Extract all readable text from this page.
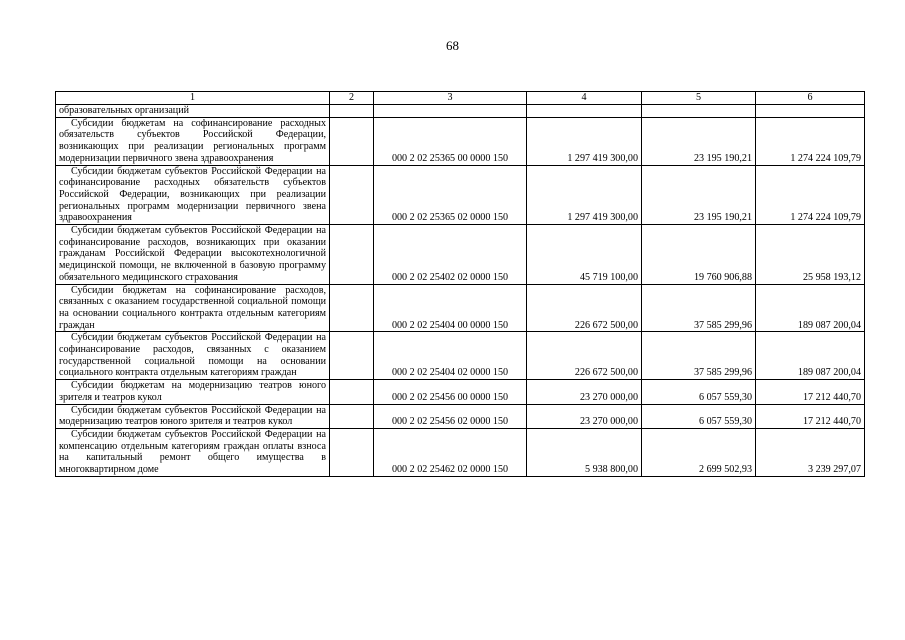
68
1	2	3	4	5	6
образовательных организаций					
Субсидии бюджетам на софинансирование расходных обязательств субъектов Российской Федерации, возникающих при реализации региональных программ модернизации первичного звена здравоохранения		000 2 02 25365 00 0000 150	1 297 419 300,00	23 195 190,21	1 274 224 109,79
Субсидии бюджетам субъектов Российской Федерации на софинансирование расходных обязательств субъектов Российской Федерации, возникающих при реализации региональных программ модернизации первичного звена здравоохранения		000 2 02 25365 02 0000 150	1 297 419 300,00	23 195 190,21	1 274 224 109,79
Субсидии бюджетам субъектов Российской Федерации на софинансирование расходов, возникающих при оказании гражданам Российской Федерации высокотехнологичной медицинской помощи, не включенной в базовую программу обязательного медицинского страхования		000 2 02 25402 02 0000 150	45 719 100,00	19 760 906,88	25 958 193,12
Субсидии бюджетам на софинансирование расходов, связанных с оказанием государственной социальной помощи на основании социального контракта отдельным категориям граждан		000 2 02 25404 00 0000 150	226 672 500,00	37 585 299,96	189 087 200,04
Субсидии бюджетам субъектов Российской Федерации на софинансирование расходов, связанных с оказанием государственной социальной помощи на основании социального контракта отдельным категориям граждан		000 2 02 25404 02 0000 150	226 672 500,00	37 585 299,96	189 087 200,04
Субсидии бюджетам на модернизацию театров юного зрителя и театров кукол		000 2 02 25456 00 0000 150	23 270 000,00	6 057 559,30	17 212 440,70
Субсидии бюджетам субъектов Российской Федерации на модернизацию театров юного зрителя и театров кукол		000 2 02 25456 02 0000 150	23 270 000,00	6 057 559,30	17 212 440,70
Субсидии бюджетам субъектов Российской Федерации на компенсацию отдельным категориям граждан оплаты взноса на капитальный ремонт общего имущества в многоквартирном доме		000 2 02 25462 02 0000 150	5 938 800,00	2 699 502,93	3 239 297,07
